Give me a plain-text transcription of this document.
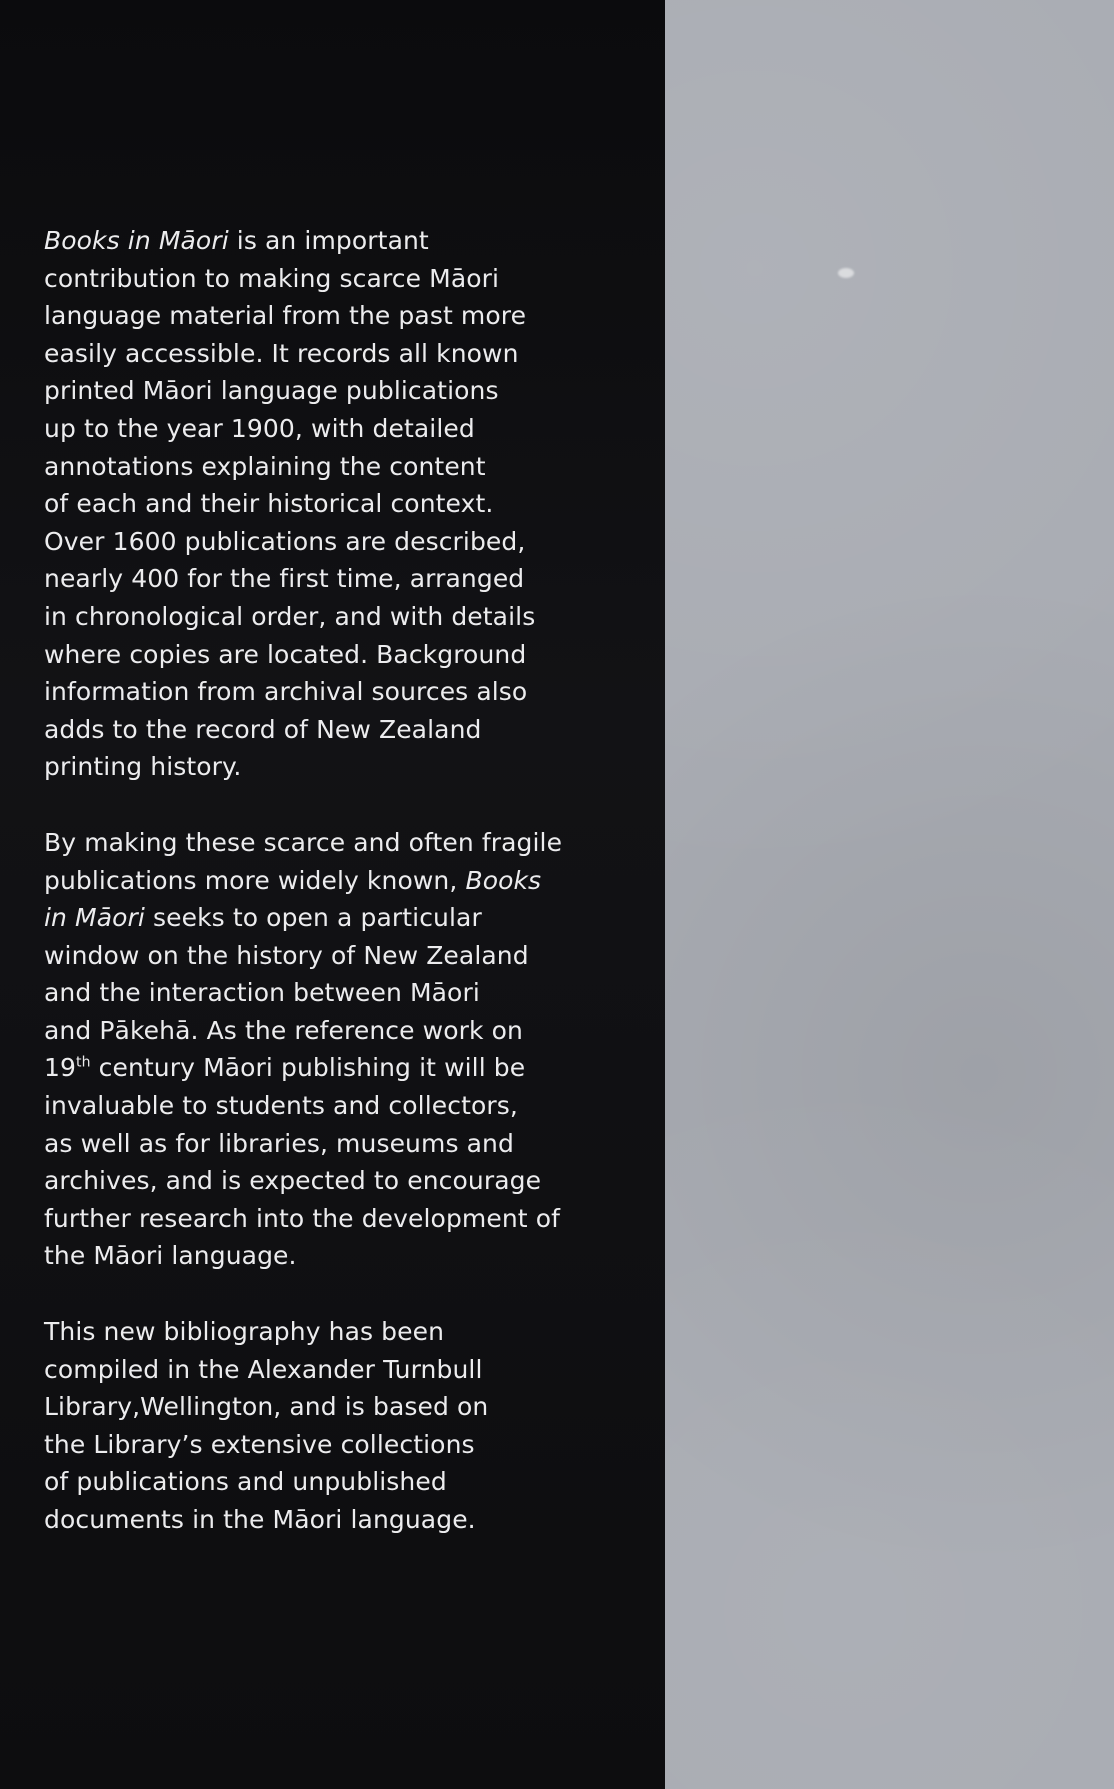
Books in Māori is an important
contribution to making scarce Māori
language material from the past more
easily accessible. It records all known
printed Māori language publications
up to the year 1900, with detailed
annotations explaining the content
of each and their historical context.
Over 1600 publications are described,
nearly 400 for the first time, arranged
in chronological order, and with details
where copies are located. Background
information from archival sources also
adds to the record of New Zealand
printing history.

By making these scarce and often fragile
publications more widely known, Books
in Māori seeks to open a particular
window on the history of New Zealand
and the interaction between Māori
and Pākehā. As the reference work on
19th century Māori publishing it will be
invaluable to students and collectors,
as well as for libraries, museums and
archives, and is expected to encourage
further research into the development of
the Māori language.

This new bibliography has been
compiled in the Alexander Turnbull
Library,Wellington, and is based on
the Library’s extensive collections
of publications and unpublished
documents in the Māori language.
